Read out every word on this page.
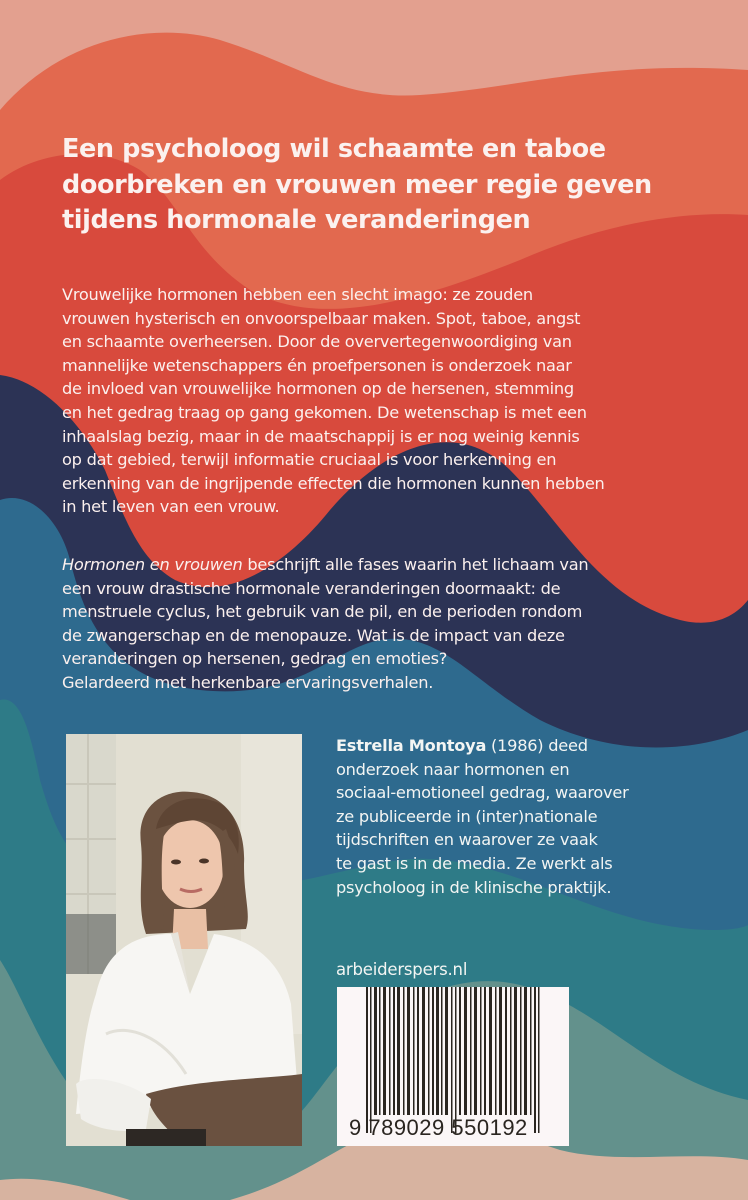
Een psycholoog wil schaamte en taboe
doorbreken en vrouwen meer regie geven
tijdens hormonale veranderingen

Vrouwelijke hormonen hebben een slecht imago: ze zouden
vrouwen hysterisch en onvoorspelbaar maken. Spot, taboe, angst
en schaamte overheersen. Door de oververtegenwoordiging van
mannelijke wetenschappers én proefpersonen is onderzoek naar
de invloed van vrouwelijke hormonen op de hersenen, stemming
en het gedrag traag op gang gekomen. De wetenschap is met een
inhaalslag bezig, maar in de maatschappij is er nog weinig kennis
op dat gebied, terwijl informatie cruciaal is voor herkenning en
erkenning van de ingrijpende effecten die hormonen kunnen hebben
in het leven van een vrouw.

Hormonen en vrouwen beschrijft alle fases waarin het lichaam van
een vrouw drastische hormonale veranderingen doormaakt: de
menstruele cyclus, het gebruik van de pil, en de perioden rondom
de zwangerschap en de menopauze. Wat is de impact van deze
veranderingen op hersenen, gedrag en emoties?
Gelardeerd met herkenbare ervaringsverhalen.

Estrella Montoya (1986) deed
onderzoek naar hormonen en
sociaal-emotioneel gedrag, waarover
ze publiceerde in (inter)nationale
tijdschriften en waarover ze vaak
te gast is in de media. Ze werkt als
psycholoog in de klinische praktijk.

arbeiderspers.nl
9 789029 550192
